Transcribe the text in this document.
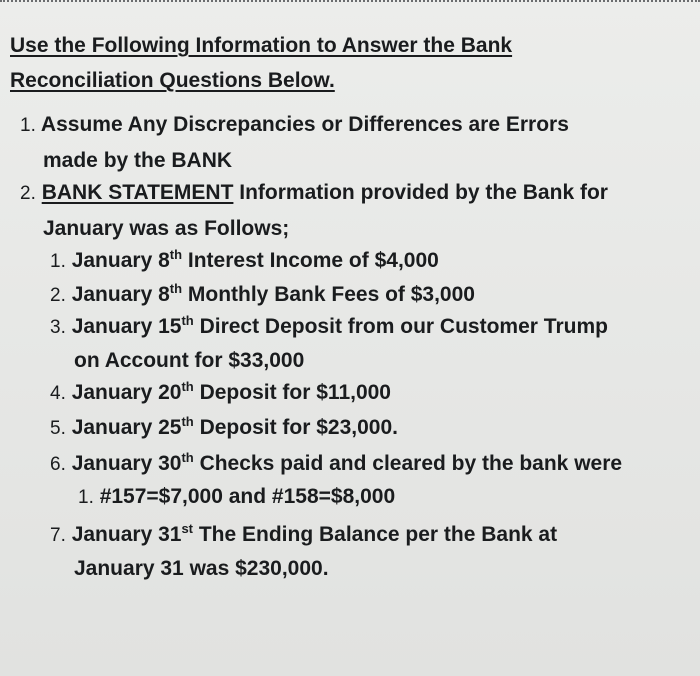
Use the Following Information to Answer the Bank
Reconciliation Questions Below.
1. Assume Any Discrepancies or Differences are Errors
made by the BANK
2. BANK STATEMENT Information provided by the Bank for
January was as Follows;
1. January 8th Interest Income of $4,000
2. January 8th Monthly Bank Fees of $3,000
3. January 15th Direct Deposit from our Customer Trump
on Account for $33,000
4. January 20th Deposit for $11,000
5. January 25th Deposit for $23,000.
6. January 30th Checks paid and cleared by the bank were
1. #157=$7,000 and #158=$8,000
7. January 31st The Ending Balance per the Bank at
January 31 was $230,000.
